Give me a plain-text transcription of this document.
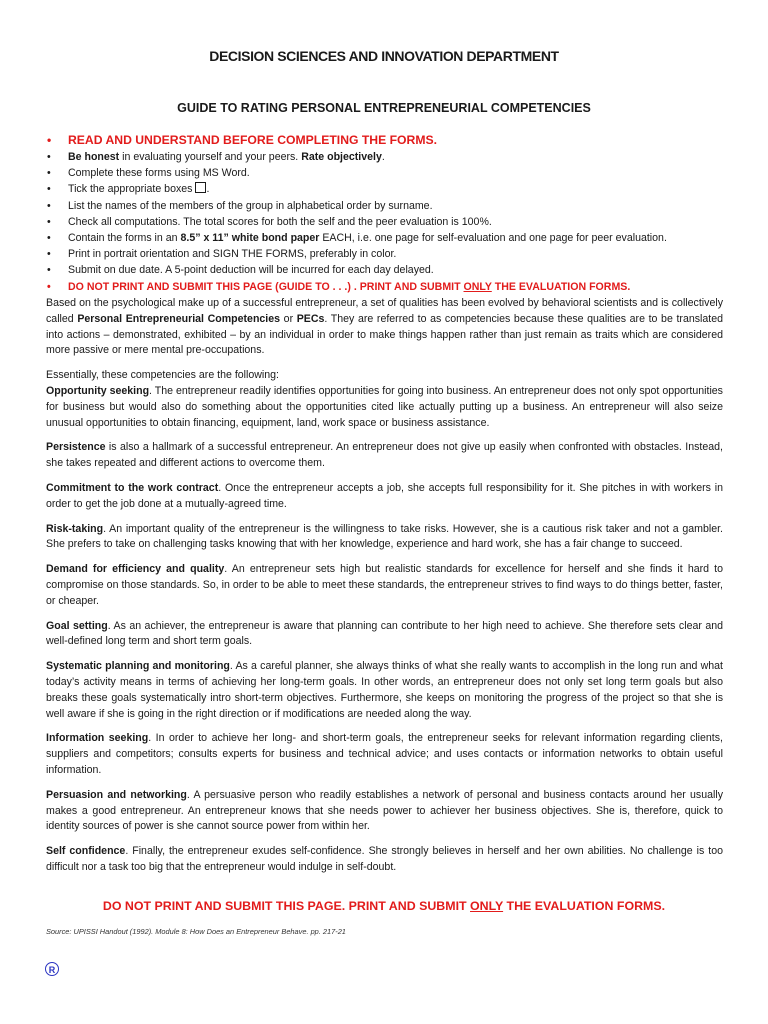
DECISION SCIENCES AND INNOVATION DEPARTMENT
GUIDE TO RATING PERSONAL ENTREPRENEURIAL COMPETENCIES
• READ AND UNDERSTAND BEFORE COMPLETING THE FORMS.
• Be honest in evaluating yourself and your peers. Rate objectively.
• Complete these forms using MS Word.
• Tick the appropriate boxes .
• List the names of the members of the group in alphabetical order by surname.
• Check all computations. The total scores for both the self and the peer evaluation is 100%.
• Contain the forms in an 8.5” x 11” white bond paper EACH, i.e. one page for self-evaluation and one page for peer evaluation.
• Print in portrait orientation and SIGN THE FORMS, preferably in color.
• Submit on due date. A 5-point deduction will be incurred for each day delayed.
• DO NOT PRINT AND SUBMIT THIS PAGE (GUIDE TO . . .) . PRINT AND SUBMIT ONLY THE EVALUATION FORMS.

Based on the psychological make up of a successful entrepreneur, a set of qualities has been evolved by behavioral scientists and is collectively called Personal Entrepreneurial Competencies or PECs. They are referred to as competencies because these qualities are to be translated into actions – demonstrated, exhibited – by an individual in order to make things happen rather than just remain as traits which are considered more passive or mere mental pre-occupations.

Essentially, these competencies are the following:

Opportunity seeking. The entrepreneur readily identifies opportunities for going into business. An entrepreneur does not only spot opportunities for business but would also do something about the opportunities cited like actually putting up a business. An entrepreneur will also seize unusual opportunities to obtain financing, equipment, land, work space or business assistance.

Persistence is also a hallmark of a successful entrepreneur. An entrepreneur does not give up easily when confronted with obstacles. Instead, she takes repeated and different actions to overcome them.

Commitment to the work contract. Once the entrepreneur accepts a job, she accepts full responsibility for it. She pitches in with workers in order to get the job done at a mutually-agreed time.

Risk-taking. An important quality of the entrepreneur is the willingness to take risks. However, she is a cautious risk taker and not a gambler. She prefers to take on challenging tasks knowing that with her knowledge, experience and hard work, she has a fair change to succeed.

Demand for efficiency and quality. An entrepreneur sets high but realistic standards for excellence for herself and she finds it hard to compromise on those standards. So, in order to be able to meet these standards, the entrepreneur strives to find ways to do things better, faster, or cheaper.

Goal setting. As an achiever, the entrepreneur is aware that planning can contribute to her high need to achieve. She therefore sets clear and well-defined long term and short term goals.

Systematic planning and monitoring. As a careful planner, she always thinks of what she really wants to accomplish in the long run and what today’s activity means in terms of achieving her long-term goals. In other words, an entrepreneur does not only set long term goals but also breaks these goals systematically intro short-term objectives. Furthermore, she keeps on monitoring the progress of the project so that she is well aware if she is going in the right direction or if modifications are needed along the way.

Information seeking. In order to achieve her long- and short-term goals, the entrepreneur seeks for relevant information regarding clients, suppliers and competitors; consults experts for business and technical advice; and uses contacts or information networks to obtain useful information.

Persuasion and networking. A persuasive person who readily establishes a network of personal and business contacts around her usually makes a good entrepreneur. An entrepreneur knows that she needs power to achiever her business objectives. She is, therefore, quick to identity sources of power is she cannot source power from within her.

Self confidence. Finally, the entrepreneur exudes self-confidence. She strongly believes in herself and her own abilities. No challenge is too difficult nor a task too big that the entrepreneur would indulge in self-doubt.

DO NOT PRINT AND SUBMIT THIS PAGE. PRINT AND SUBMIT ONLY THE EVALUATION FORMS.
Source: UPISSI Handout (1992). Module 8: How Does an Entrepreneur Behave. pp. 217-21
R
